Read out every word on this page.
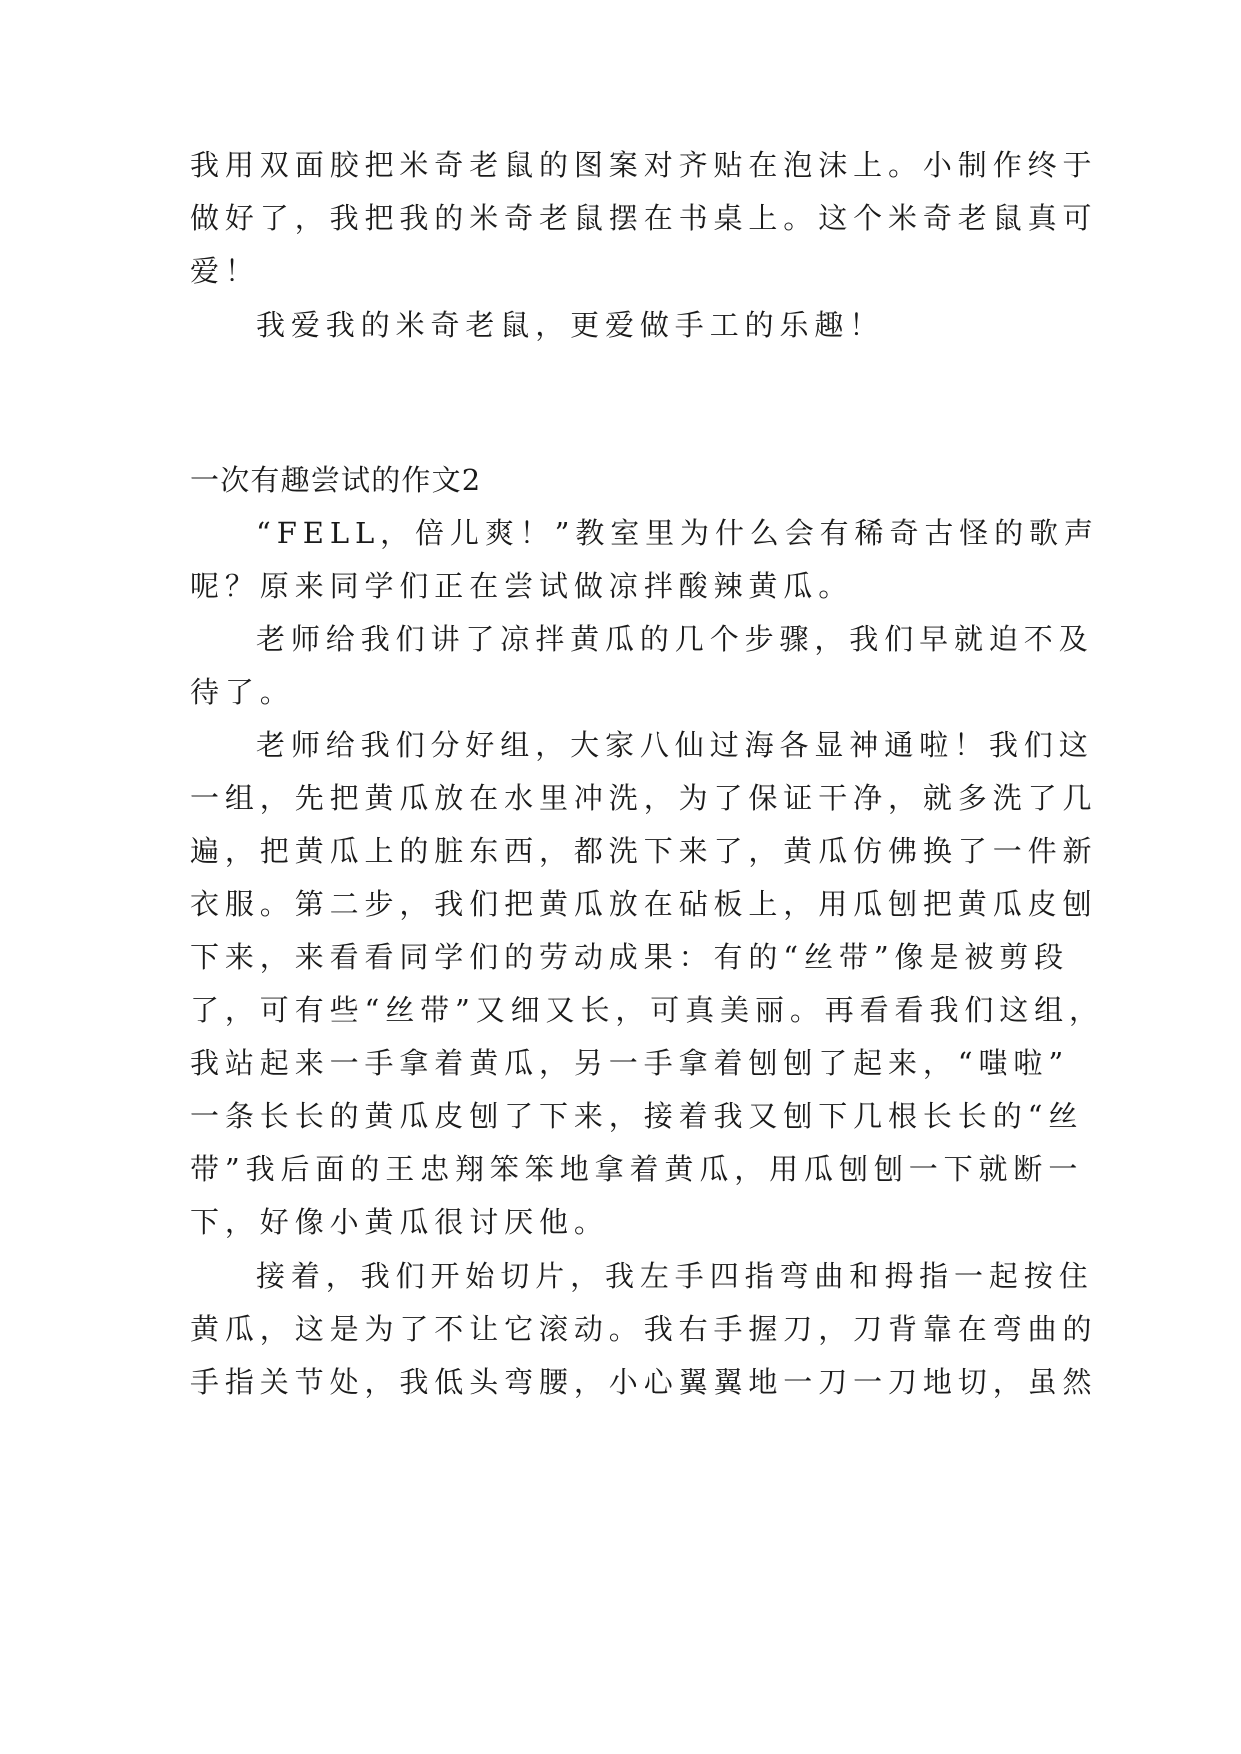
我用双面胶把米奇老鼠的图案对齐贴在泡沫上。小制作终于
做好了，我把我的米奇老鼠摆在书桌上。这个米奇老鼠真可
爱！
我爱我的米奇老鼠，更爱做手工的乐趣！
一次有趣尝试的作文2
“FELL，倍儿爽！”教室里为什么会有稀奇古怪的歌声
呢？原来同学们正在尝试做凉拌酸辣黄瓜。
老师给我们讲了凉拌黄瓜的几个步骤，我们早就迫不及
待了。
老师给我们分好组，大家八仙过海各显神通啦！我们这
一组，先把黄瓜放在水里冲洗，为了保证干净，就多洗了几
遍，把黄瓜上的脏东西，都洗下来了，黄瓜仿佛换了一件新
衣服。第二步，我们把黄瓜放在砧板上，用瓜刨把黄瓜皮刨
下来，来看看同学们的劳动成果：有的“丝带”像是被剪段
了，可有些“丝带”又细又长，可真美丽。再看看我们这组，
我站起来一手拿着黄瓜，另一手拿着刨刨了起来，“嗤啦”
一条长长的黄瓜皮刨了下来，接着我又刨下几根长长的“丝
带”我后面的王忠翔笨笨地拿着黄瓜，用瓜刨刨一下就断一
下，好像小黄瓜很讨厌他。
接着，我们开始切片，我左手四指弯曲和拇指一起按住
黄瓜，这是为了不让它滚动。我右手握刀，刀背靠在弯曲的
手指关节处，我低头弯腰，小心翼翼地一刀一刀地切，虽然
